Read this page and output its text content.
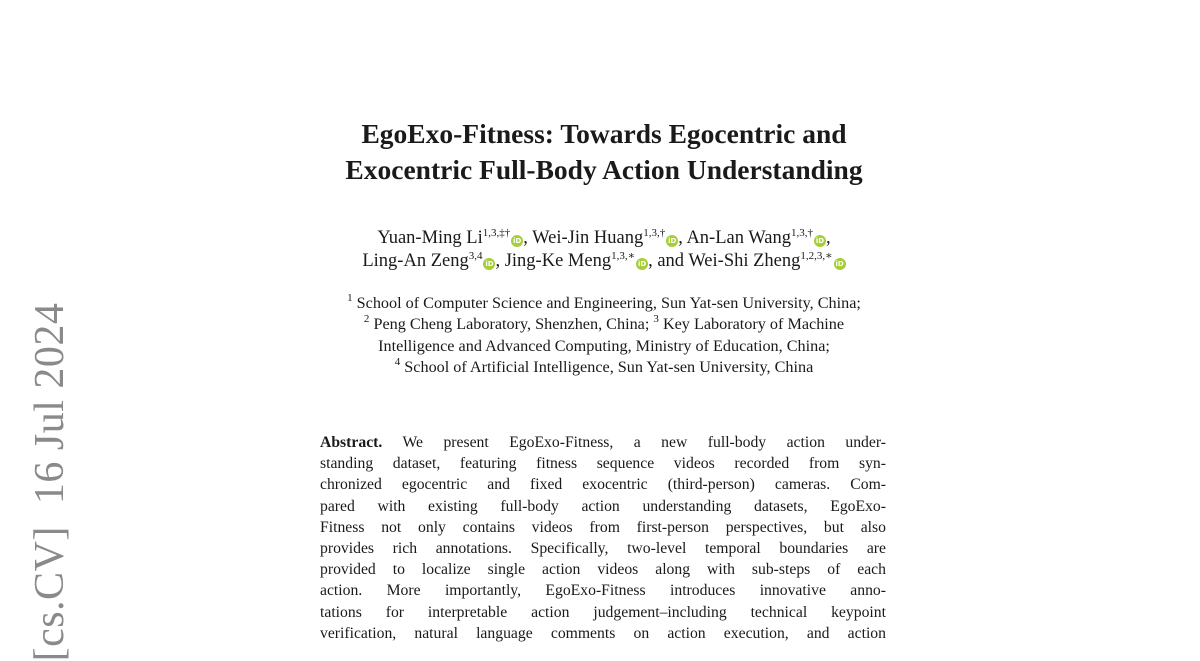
[cs.CV]16 Jul 2024
EgoExo-Fitness: Towards Egocentric and
Exocentric Full-Body Action Understanding
Yuan-Ming $Li^{1,3,\ddagger\dagger}iD$ , Wei-Jin Huang$^{1,3,\dagger}$iD , An-Lan Wang$^{1,3,\dagger}$iD ,
Ling-An Zeng$^{3,4}$iD , Jing-Ke Meng$^{1,3,∗}$iD , and Wei-Shi Zheng$^{1,2,3,∗}$iD
$^1$ School of Computer Science and Engineering, Sun Yat-sen University, China;
$^2$ Peng Cheng Laboratory, Shenzhen, China; $^3$ Key Laboratory of Machine
Intelligence and Advanced Computing, Ministry of Education, China;
$^4$ School of Artificial Intelligence, Sun Yat-sen University, China
Abstract. We present EgoExo-Fitness, a new full-body action under-
standing dataset, featuring fitness sequence videos recorded from syn-
chronized egocentric and fixed exocentric (third-person) cameras. Com-
pared with existing full-body action understanding datasets, EgoExo-
Fitness not only contains videos from first-person perspectives, but also
provides rich annotations. Specifically, two-level temporal boundaries are
provided to localize single action videos along with sub-steps of each
action. More importantly, EgoExo-Fitness introduces innovative anno-
tations for interpretable action judgement–including technical keypoint
verification, natural language comments on action execution, and action
